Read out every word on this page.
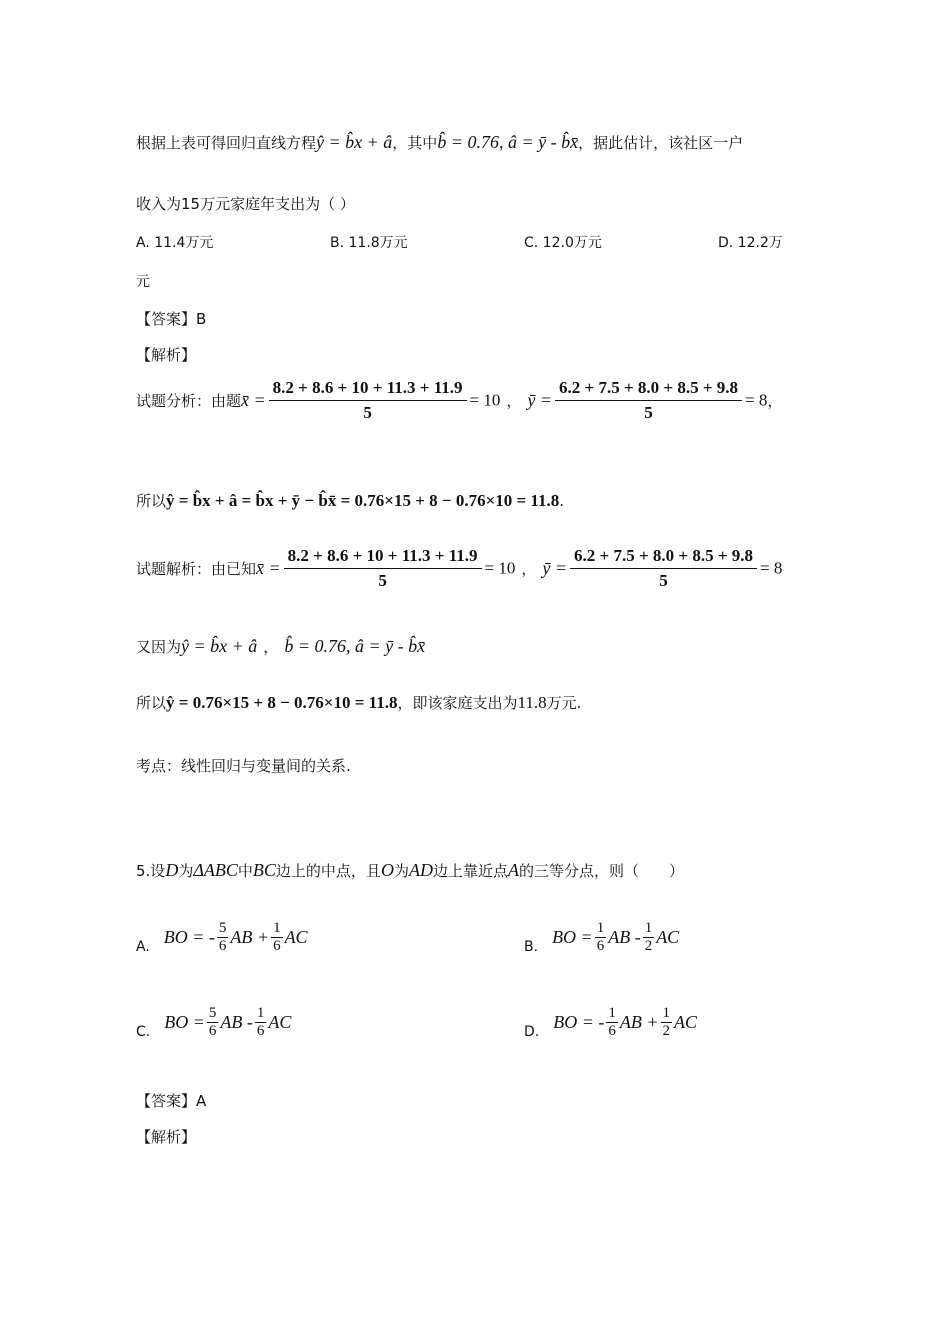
根据上表可得回归直线方程ŷ = b̂x + â，其中b̂ = 0.76, â = ȳ - b̂x̄，据此估计，该社区一户
收入为15万元家庭年支出为（ ）
A. 11.4万元	B. 11.8万元	C. 12.0万元	D. 12.2万
元
【答案】B
【解析】
试题分析：由题x̄ = $\frac{8.2 + 8.6 + 10 + 11.3 + 11.9}{5} = 10$ ， ȳ = $\frac{6.2 + 7.5 + 8.0 + 8.5 + 9.8}{5} = 8$，
所以ŷ = b̂x + â = b̂x + ȳ − b̂x̄ = 0.76×15 + 8 − 0.76×10 = 11.8.
试题解析：由已知x̄ = $\frac{8.2 + 8.6 + 10 + 11.3 + 11.9}{5} = 10$ ， ȳ = $\frac{6.2 + 7.5 + 8.0 + 8.5 + 9.8}{5} = 8$
又因为ŷ = b̂x + â ， b̂ = 0.76, â = ȳ - b̂x̄
所以ŷ = 0.76×15 + 8 − 0.76×10 = 11.8，即该家庭支出为11.8万元.
考点：线性回归与变量间的关系.
5.设D为ΔABC中BC边上的中点，且O为AD边上靠近点A的三等分点，则（　　）
A. BO = - $\frac{5}{6}$ AB + $\frac{1}{6}$ AC	B. BO = $\frac{1}{6}$ AB - $\frac{1}{2}$ AC
C. BO = $\frac{5}{6}$ AB - $\frac{1}{6}$ AC	D. BO = - $\frac{1}{6}$ AB + $\frac{1}{2}$ AC
【答案】A
【解析】
